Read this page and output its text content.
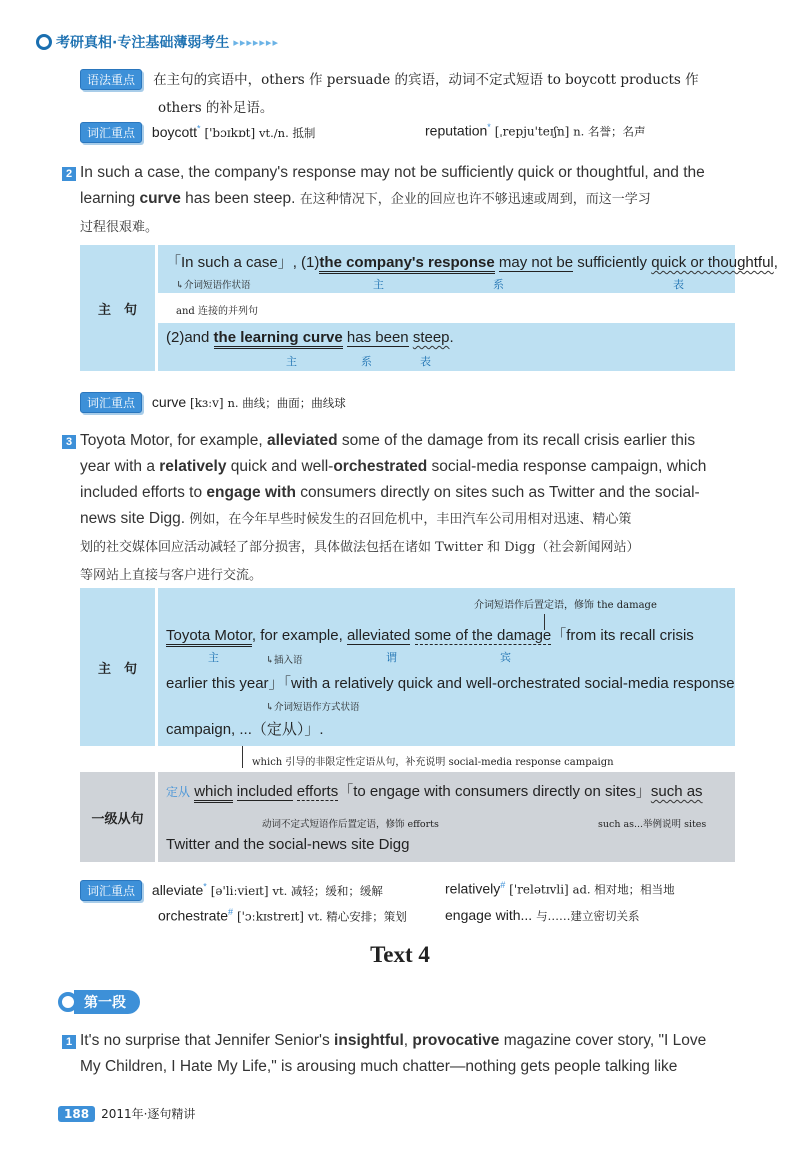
考研真相·专注基础薄弱考生 ▸▸▸▸▸▸▸
语法重点 在主句的宾语中，others 作 persuade 的宾语，动词不定式短语 to boycott products 作
others 的补足语。
词汇重点 boycott* ['bɔɪkɒt] vt./n. 抵制	reputation* [ˌrepju'teɪʃn] n. 名誉；名声
2 In such a case, the company's response may not be sufficiently quick or thoughtful, and the
learning curve has been steep. 在这种情况下，企业的回应也许不够迅速或周到，而这一学习
过程很艰难。
主　句
「In such a case」, (1)the company's response may not be sufficiently quick or thoughtful,
↳介词短语作状语	主	系	表
and 连接的并列句
(2)and the learning curve has been steep.
主	系	表
词汇重点 curve [kɜːv] n. 曲线；曲面；曲线球
3 Toyota Motor, for example, alleviated some of the damage from its recall crisis earlier this
year with a relatively quick and well-orchestrated social-media response campaign, which
included efforts to engage with consumers directly on sites such as Twitter and the social-
news site Digg. 例如，在今年早些时候发生的召回危机中，丰田汽车公司用相对迅速、精心策
划的社交媒体回应活动减轻了部分损害，具体做法包括在诸如 Twitter 和 Digg（社会新闻网站）
等网站上直接与客户进行交流。
主　句
介词短语作后置定语，修饰 the damage
Toyota Motor, for example, alleviated some of the damage「from its recall crisis
主	↳插入语	谓	宾
earlier this year」「with a relatively quick and well-orchestrated social-media response
↳介词短语作方式状语
campaign, ...（定从）」.
which 引导的非限定性定语从句，补充说明 social-media response campaign
一级从句
定从 which included efforts「to engage with consumers directly on sites」such as
动词不定式短语作后置定语，修饰 efforts	such as...举例说明 sites
Twitter and the social-news site Digg
词汇重点 alleviate* [ə'liːvieɪt] vt. 减轻；缓和；缓解	relatively# ['relətɪvli] ad. 相对地；相当地
orchestrate# ['ɔːkɪstreɪt] vt. 精心安排；策划	engage with... 与……建立密切关系
Text 4
第一段
1 It's no surprise that Jennifer Senior's insightful, provocative magazine cover story, "I Love
My Children, I Hate My Life," is arousing much chatter—nothing gets people talking like
188	2011年·逐句精讲
